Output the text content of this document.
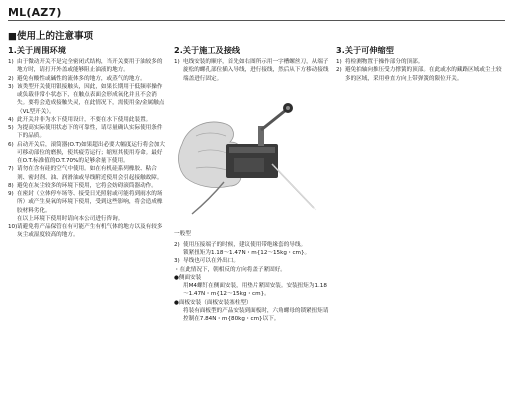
ML(AZ7)
■使用上的注意事项
1.关于周围环境
1) 由于微动开关不是完全密闭式结构，当开关要用于油较多的地方时，请打开外盖或能够阻止油液的地方。
2) 避免有酸性或碱性的流体多的地方，或蒸气的地方。
3) 该类型开关使用银接触头，因此，如果长期用于低频率操作或负载非常小状态下，在触点表面会形成氧化并且不会消失。要将会造成接触失灵，在此情况下，需使用金/金属触点（VL型开关）。
4) 此开关并非为水下使用设计，不要在水下使用此装置。
5) 为提高实际使用状态下的可靠性，请尽量确认实际使用条件下的品质。
6) 启动开关后，滚筒器(O.T)如果超出必要大幅度运行将会加大可移动部位的磨损，使其疲劳运行；缩短其使用寿命。最好在O.T.标准值的O.T.70%的足够余量下使用。
7) 请勿在含有硅的空气中使用。如在有机硅系列橡胶、粘合剂、密封剂、油、润滑油或导线附近使用会引起接触故障。
8) 避免在灰尘较多的环境下使用，它将会妨碍滚筒器动作。
9) 在密封（立体停车场等、接受日光照射或可能将到雨水的场所）或产生臭氧的环境下使用，受到这些影响，将会造成橡胶材料劣化。
在以上环境下使用时请向本公司进行咨询。
10) 请避免将产品保管在有可能产生有机气体的地方以及有较多灰尘或湿度较高的地方。
2.关于施工及接线
1) 电线安装的顺序，首先如右图所示用一字槽螺丝刀，从端子旋松的螺孔部位插入导线，进行接线，然后从下方移动接线端盖进行固定。
一般型
2) 使用压接端子的时候，建议使用带绝缘套的导线。
锁紧扭矩为1.18～1.47N・m{12～15kg・cm}。
3) 导线也可以在外出口。
・在此情况下，朝相反的方向将盖子紧固好。
●侧面安装
用M4螺钉在侧面安装，用垫片紧固安装。安装扭矩为1.18～1.47N・m{12～15kg・cm}。
●面板安装（面板安装塞柱型）
将装有面板型的产品安装到面板时，六角螺母的锁紧扭矩请控制在7.84N・m{80kg・cm}以下。
3.关于可伸缩型
1) 将检测物置于操作部分的顶部。
2) 避免拍轴向推压受力撑簧的顶部。在此或水的藏路区域或尘土较多的区域，采用垂直方向上带弹簧的限位开关。
